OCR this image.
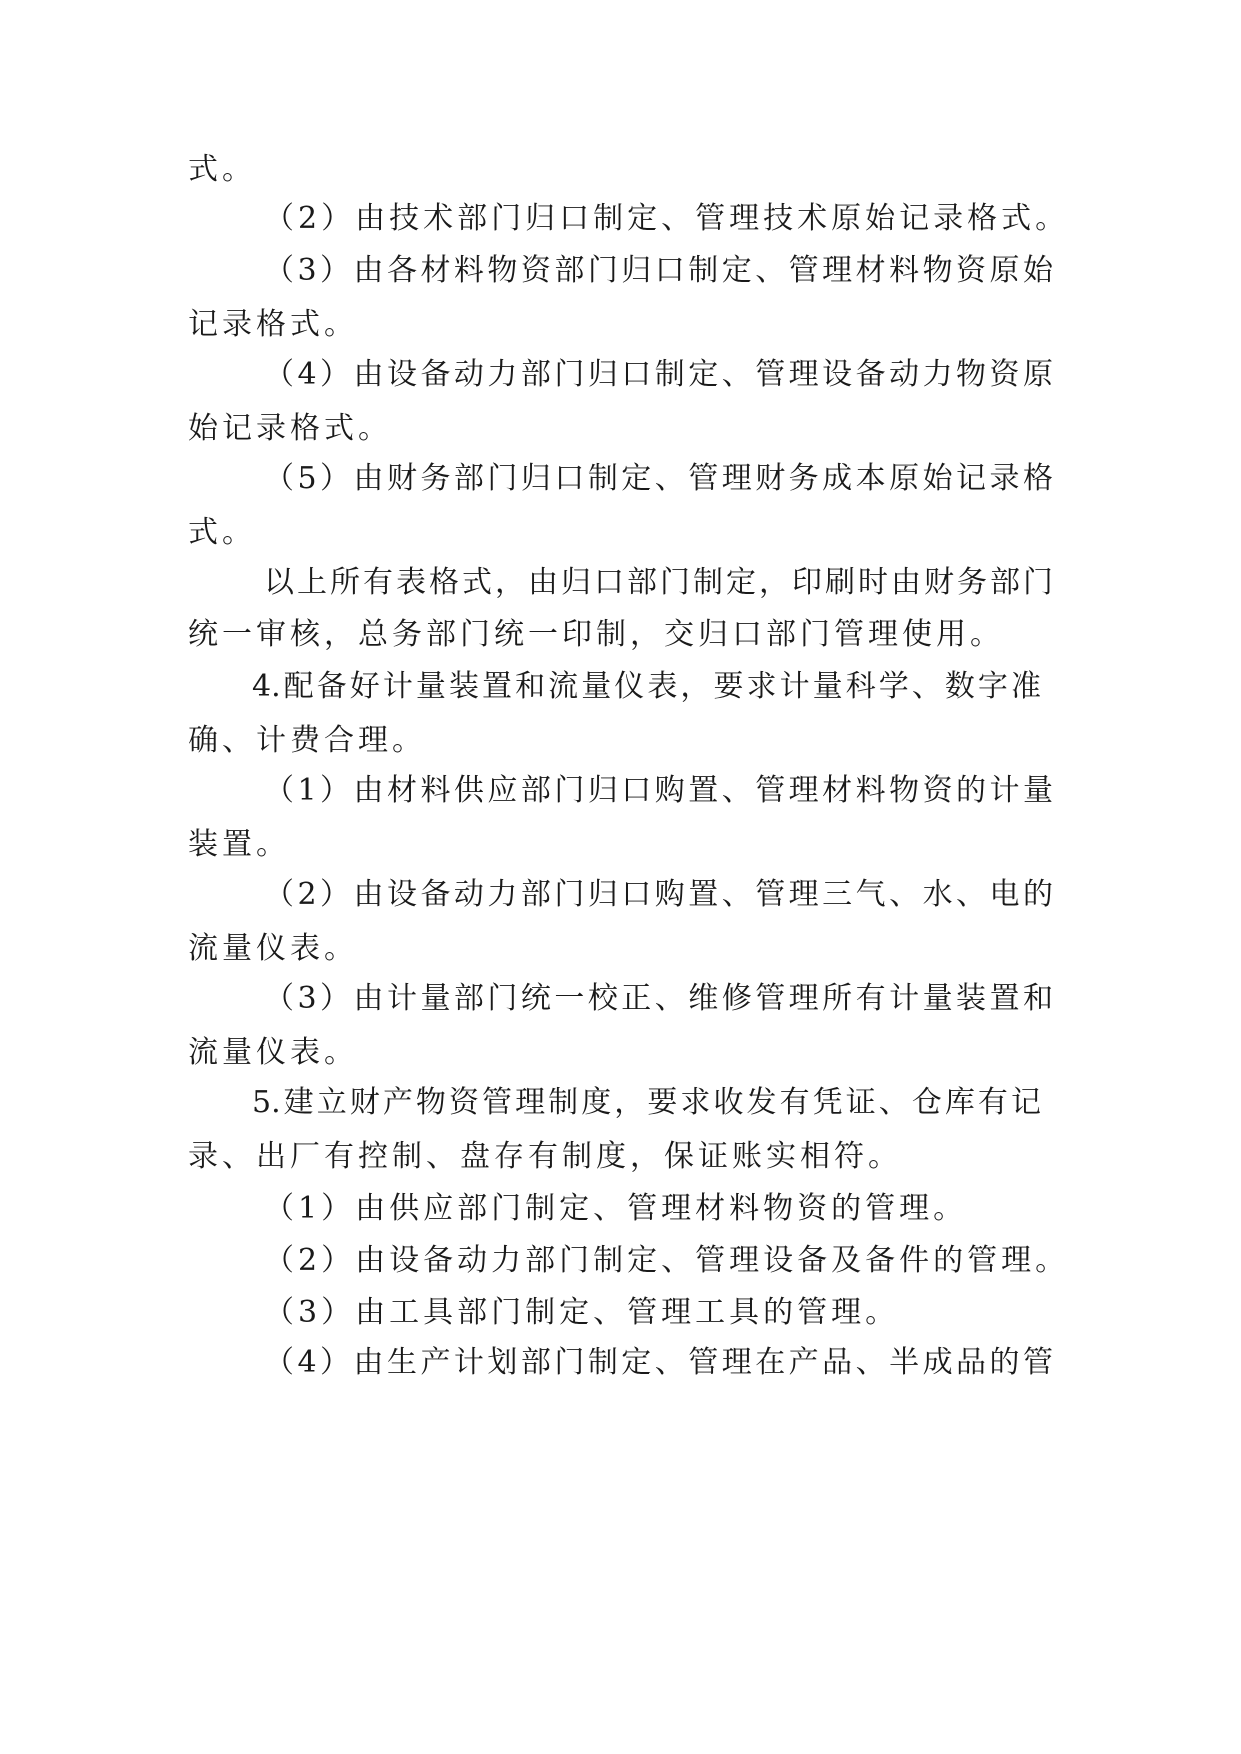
式。
（2）由技术部门归口制定、管理技术原始记录格式。
（3）由各材料物资部门归口制定、管理材料物资原始
记录格式。
（4）由设备动力部门归口制定、管理设备动力物资原
始记录格式。
（5）由财务部门归口制定、管理财务成本原始记录格
式。
以上所有表格式，由归口部门制定，印刷时由财务部门
统一审核，总务部门统一印制，交归口部门管理使用。
4.配备好计量装置和流量仪表，要求计量科学、数字准
确、计费合理。
（1）由材料供应部门归口购置、管理材料物资的计量
装置。
（2）由设备动力部门归口购置、管理三气、水、电的
流量仪表。
（3）由计量部门统一校正、维修管理所有计量装置和
流量仪表。
5.建立财产物资管理制度，要求收发有凭证、仓库有记
录、出厂有控制、盘存有制度，保证账实相符。
（1）由供应部门制定、管理材料物资的管理。
（2）由设备动力部门制定、管理设备及备件的管理。
（3）由工具部门制定、管理工具的管理。
（4）由生产计划部门制定、管理在产品、半成品的管
